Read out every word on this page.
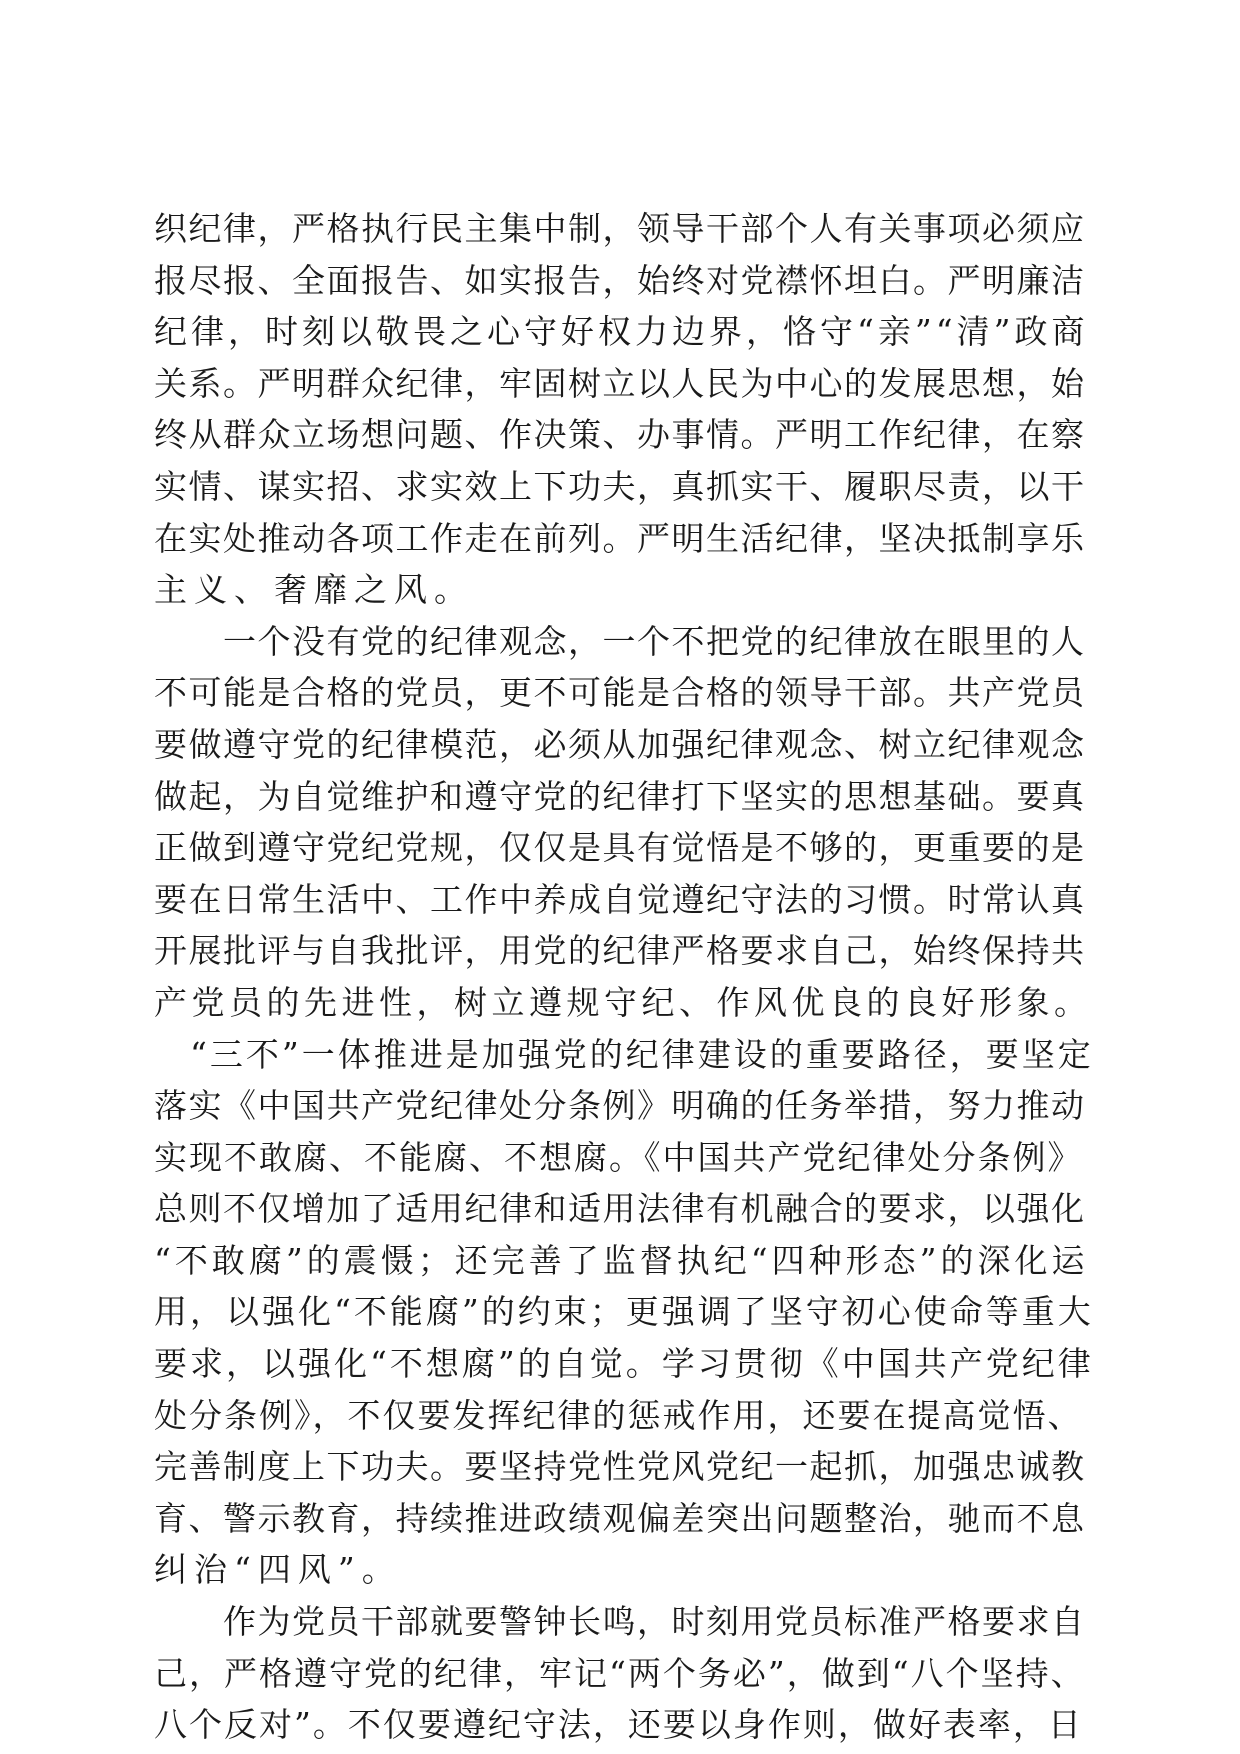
织纪律，严格执行民主集中制，领导干部个人有关事项必须应
报尽报、全面报告、如实报告，始终对党襟怀坦白。严明廉洁
纪律，时刻以敬畏之心守好权力边界，恪守“亲”“清”政商
关系。严明群众纪律，牢固树立以人民为中心的发展思想，始
终从群众立场想问题、作决策、办事情。严明工作纪律，在察
实情、谋实招、求实效上下功夫，真抓实干、履职尽责，以干
在实处推动各项工作走在前列。严明生活纪律，坚决抵制享乐
主义、奢靡之风。
　　一个没有党的纪律观念，一个不把党的纪律放在眼里的人
不可能是合格的党员，更不可能是合格的领导干部。共产党员
要做遵守党的纪律模范，必须从加强纪律观念、树立纪律观念
做起，为自觉维护和遵守党的纪律打下坚实的思想基础。要真
正做到遵守党纪党规，仅仅是具有觉悟是不够的，更重要的是
要在日常生活中、工作中养成自觉遵纪守法的习惯。时常认真
开展批评与自我批评，用党的纪律严格要求自己，始终保持共
产党员的先进性，树立遵规守纪、作风优良的良好形象。
　“三不”一体推进是加强党的纪律建设的重要路径，要坚定
落实《中国共产党纪律处分条例》明确的任务举措，努力推动
实现不敢腐、不能腐、不想腐。《中国共产党纪律处分条例》
总则不仅增加了适用纪律和适用法律有机融合的要求，以强化
“不敢腐”的震慑；还完善了监督执纪“四种形态”的深化运
用，以强化“不能腐”的约束；更强调了坚守初心使命等重大
要求，以强化“不想腐”的自觉。学习贯彻《中国共产党纪律
处分条例》，不仅要发挥纪律的惩戒作用，还要在提高觉悟、
完善制度上下功夫。要坚持党性党风党纪一起抓，加强忠诚教
育、警示教育，持续推进政绩观偏差突出问题整治，驰而不息
纠治“四风”。
　　作为党员干部就要警钟长鸣，时刻用党员标准严格要求自
己，严格遵守党的纪律，牢记“两个务必”，做到“八个坚持、
八个反对”。不仅要遵纪守法，还要以身作则，做好表率，日
